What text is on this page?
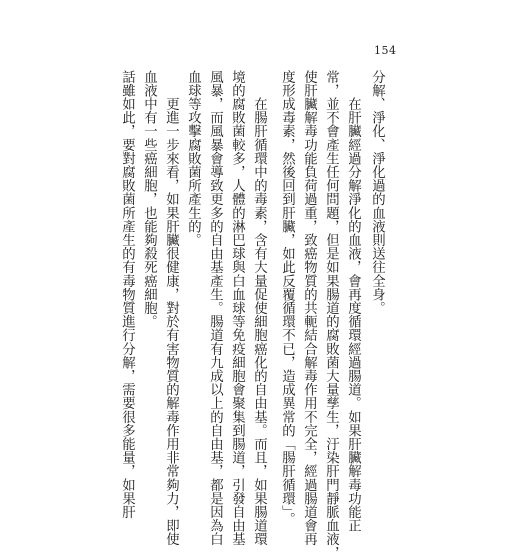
154
分解、淨化、淨化過的血液則送往全身。
　　在肝臟經過分解淨化的血液，會再度循環經過腸道。如果肝臟解毒功能正
常，並不會產生任何問題，但是如果腸道的腐敗菌大量孳生，汙染肝門靜脈血液，
使肝臟解毒功能負荷過重，致癌物質的共軛結合解毒作用不完全，經過腸道會再
度形成毒素，然後回到肝臟，如此反覆循環不已，造成異常的「腸肝循環」。
　　在腸肝循環中的毒素，含有大量促使細胞癌化的自由基。而且，如果腸道環
境的腐敗菌較多，人體的淋巴球與白血球等免疫細胞會聚集到腸道，引發自由基
風暴，而風暴會導致更多的自由基產生。腸道有九成以上的自由基，都是因為白
血球等攻擊腐敗菌所產生的。
　　更進一步來看，如果肝臟很健康，對於有害物質的解毒作用非常夠力，即使
血液中有一些癌細胞，也能夠殺死癌細胞。
話雖如此，要對腐敗菌所產生的有毒物質進行分解，需要很多能量，如果肝
